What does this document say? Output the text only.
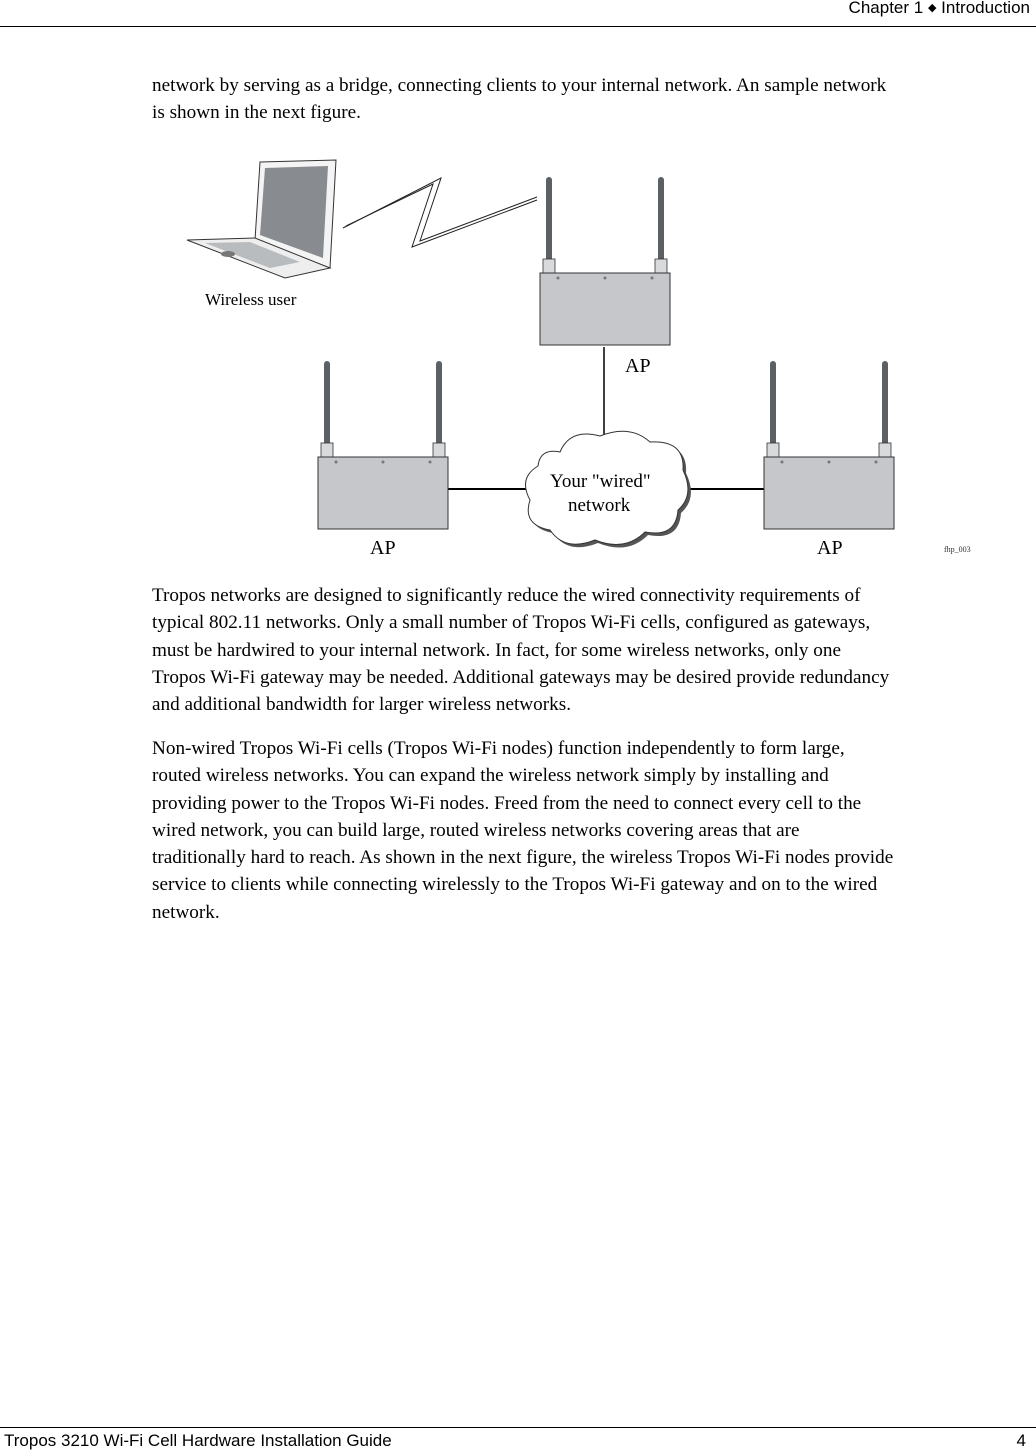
Chapter 1 ◆ Introduction
network by serving as a bridge, connecting clients to your internal network. An sample network
is shown in the next figure.
Wireless user
Your "wired"
network
AP
AP	AP	fhp_003
Tropos networks are designed to significantly reduce the wired connectivity requirements of
typical 802.11 networks. Only a small number of Tropos Wi-Fi cells, configured as gateways,
must be hardwired to your internal network. In fact, for some wireless networks, only one
Tropos Wi-Fi gateway may be needed. Additional gateways may be desired provide redundancy
and additional bandwidth for larger wireless networks.
Non-wired Tropos Wi-Fi cells (Tropos Wi-Fi nodes) function independently to form large,
routed wireless networks. You can expand the wireless network simply by installing and
providing power to the Tropos Wi-Fi nodes. Freed from the need to connect every cell to the
wired network, you can build large, routed wireless networks covering areas that are
traditionally hard to reach. As shown in the next figure, the wireless Tropos Wi-Fi nodes provide
service to clients while connecting wirelessly to the Tropos Wi-Fi gateway and on to the wired
network.
Tropos 3210 Wi-Fi Cell Hardware Installation Guide	4
